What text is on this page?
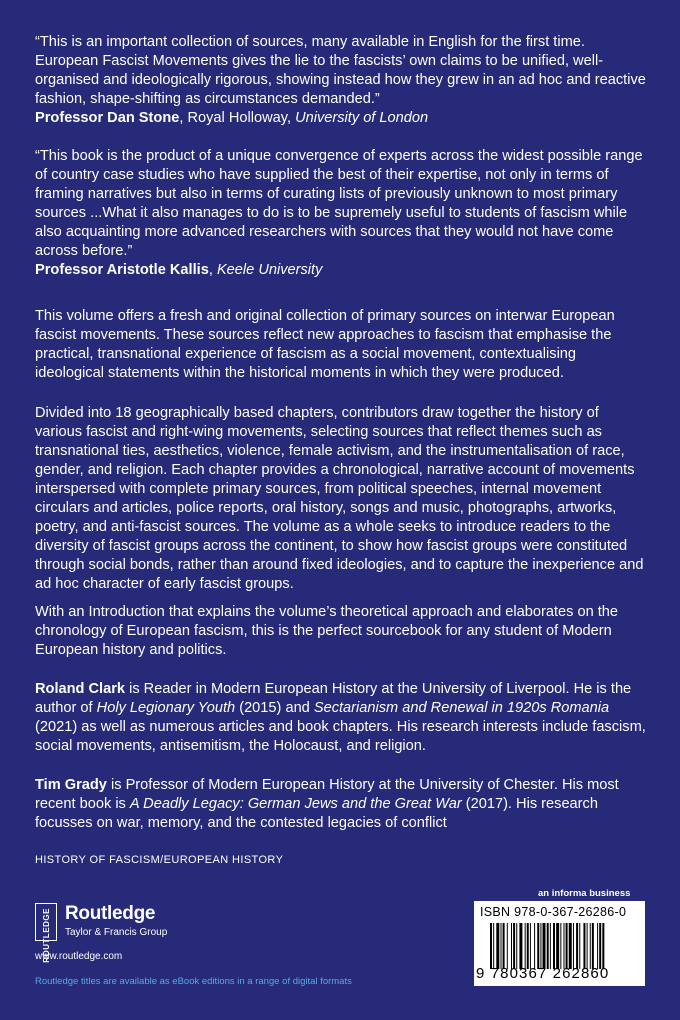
“This is an important collection of sources, many available in English for the first time. European Fascist Movements gives the lie to the fascists’ own claims to be unified, well-organised and ideologically rigorous, showing instead how they grew in an ad hoc and reactive fashion, shape-shifting as circumstances demanded.”

Professor Dan Stone, Royal Holloway, University of London

“This book is the product of a unique convergence of experts across the widest possible range of country case studies who have supplied the best of their expertise, not only in terms of framing narratives but also in terms of curating lists of previously unknown to most primary sources ...What it also manages to do is to be supremely useful to students of fascism while also acquainting more advanced researchers with sources that they would not have come across before.”

Professor Aristotle Kallis, Keele University

This volume offers a fresh and original collection of primary sources on interwar European fascist movements. These sources reflect new approaches to fascism that emphasise the practical, transnational experience of fascism as a social movement, contextualising ideological statements within the historical moments in which they were produced.

Divided into 18 geographically based chapters, contributors draw together the history of various fascist and right-wing movements, selecting sources that reflect themes such as transnational ties, aesthetics, violence, female activism, and the instrumentalisation of race, gender, and religion. Each chapter provides a chronological, narrative account of movements interspersed with complete primary sources, from political speeches, internal movement circulars and articles, police reports, oral history, songs and music, photographs, artworks, poetry, and anti-fascist sources. The volume as a whole seeks to introduce readers to the diversity of fascist groups across the continent, to show how fascist groups were constituted through social bonds, rather than around fixed ideologies, and to capture the inexperience and ad hoc character of early fascist groups.

With an Introduction that explains the volume’s theoretical approach and elaborates on the chronology of European fascism, this is the perfect sourcebook for any student of Modern European history and politics.

Roland Clark is Reader in Modern European History at the University of Liverpool. He is the author of Holy Legionary Youth (2015) and Sectarianism and Renewal in 1920s Romania (2021) as well as numerous articles and book chapters. His research interests include fascism, social movements, antisemitism, the Holocaust, and religion.

Tim Grady is Professor of Modern European History at the University of Chester. His most recent book is A Deadly Legacy: German Jews and the Great War (2017). His research focusses on war, memory, and the contested legacies of conflict

HISTORY OF FASCISM/EUROPEAN HISTORY
ROUTLEDGE Routledge
Taylor & Francis Group
www.routledge.com
Routledge titles are available as eBook editions in a range of digital formats
an informa business
ISBN 978-0-367-26286-0
9 780367 262860
